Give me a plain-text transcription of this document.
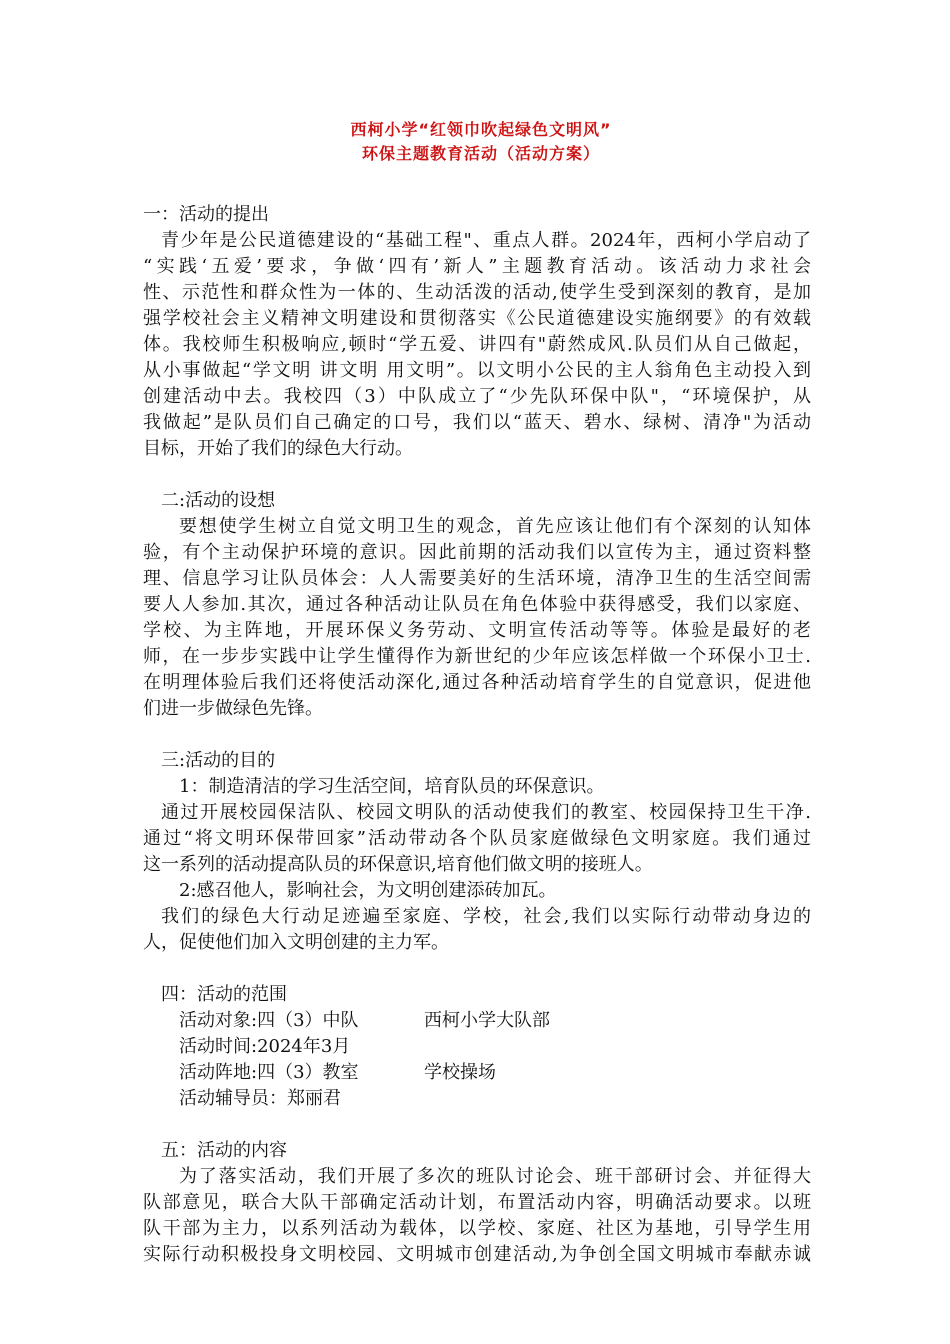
西柯小学“红领巾吹起绿色文明风”
环保主题教育活动（活动方案）
一：活动的提出
青少年是公民道德建设的“基础工程"、重点人群。2024年，西柯小学启动了
“实践‘五爱’要求，争做‘四有’新人”主题教育活动。该活动力求社会
性、示范性和群众性为一体的、生动活泼的活动,使学生受到深刻的教育，是加
强学校社会主义精神文明建设和贯彻落实《公民道德建设实施纲要》的有效载
体。我校师生积极响应,顿时“学五爱、讲四有"蔚然成风.队员们从自己做起，
从小事做起“学文明 讲文明 用文明”。以文明小公民的主人翁角色主动投入到
创建活动中去。我校四（3）中队成立了“少先队环保中队"，“环境保护，从
我做起”是队员们自己确定的口号，我们以“蓝天、碧水、绿树、清净"为活动
目标，开始了我们的绿色大行动。
二:活动的设想
要想使学生树立自觉文明卫生的观念，首先应该让他们有个深刻的认知体
验，有个主动保护环境的意识。因此前期的活动我们以宣传为主，通过资料整
理、信息学习让队员体会：人人需要美好的生活环境，清净卫生的生活空间需
要人人参加.其次，通过各种活动让队员在角色体验中获得感受，我们以家庭、
学校、为主阵地，开展环保义务劳动、文明宣传活动等等。体验是最好的老
师，在一步步实践中让学生懂得作为新世纪的少年应该怎样做一个环保小卫士.
在明理体验后我们还将使活动深化,通过各种活动培育学生的自觉意识，促进他
们进一步做绿色先锋。
三:活动的目的
1：制造清洁的学习生活空间，培育队员的环保意识。
通过开展校园保洁队、校园文明队的活动使我们的教室、校园保持卫生干净.
通过“将文明环保带回家”活动带动各个队员家庭做绿色文明家庭。我们通过
这一系列的活动提高队员的环保意识,培育他们做文明的接班人。
2:感召他人，影响社会，为文明创建添砖加瓦。
我们的绿色大行动足迹遍至家庭、学校，社会,我们以实际行动带动身边的
人，促使他们加入文明创建的主力军。
四：活动的范围
活动对象:四（3）中队	西柯小学大队部
活动时间:2024年3月
活动阵地:四（3）教室	学校操场
活动辅导员：郑丽君
五：活动的内容
为了落实活动，我们开展了多次的班队讨论会、班干部研讨会、并征得大
队部意见，联合大队干部确定活动计划，布置活动内容，明确活动要求。以班
队干部为主力，以系列活动为载体，以学校、家庭、社区为基地，引导学生用
实际行动积极投身文明校园、文明城市创建活动,为争创全国文明城市奉献赤诚
